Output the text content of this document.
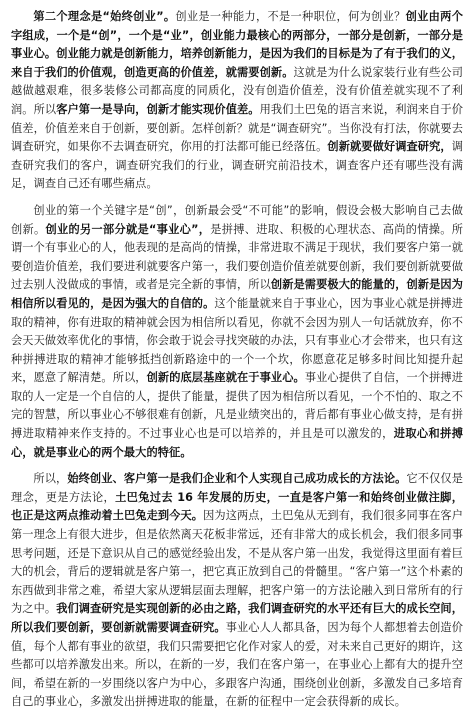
第二个理念是“始终创业”。创业是一种能力，不是一种职位，何为创业？创业由两个字组成，一个是“创”，一个是“业”，创业能力最核心的两部分，一部分是创新，一部分是事业心。创业能力就是创新能力，培养创新能力，是因为我们的目标是为了有于我们的义，来自于我们的价值观，创造更高的价值差，就需要创新。这就是为什么说家装行业有些公司越做越艰难，很多装修公司都高度的同质化，没有创造价值差，没有价值差就实现不了利润。所以客户第一是导向，创新才能实现价值差。用我们土巴兔的语言来说，利润来自于价值差，价值差来自于创新，要创新。怎样创新？就是“调查研究”。当你没有打法，你就要去调查研究，如果你不去调查研究，你用的打法都可能已经落伍。创新就要做好调查研究，调查研究我们的客户，调查研究我们的行业，调查研究前沿技术，调查客户还有哪些没有满足，调查自己还有哪些痛点。

创业的第一个关键字是“创”，创新最会受“不可能”的影响，假设会极大影响自己去做创新。创业的另一部分就是“事业心”，是拼搏、进取、积极的心理状态、高尚的情操。所谓一个有事业心的人，他表现的是高尚的情操，非常进取不满足于现状，我们要客户第一就要创造价值差，我们要进利就要客户第一，我们要创造价值差就要创新，我们要创新就要做过去别人没做成的事情，或者是完全新的事情，所以创新是需要极大的能量的，创新是因为相信所以看见的，是因为强大的自信的。这个能量就来自于事业心，因为事业心就是拼搏进取的精神，你有进取的精神就会因为相信所以看见，你就不会因为别人一句话就放弃，你不会天天做效率优化的事情，你会敢于说会寻找突破的办法，只有事业心才会带来，也只有这种拼搏进取的精神才能够抵挡创新路途中的一个一个坎，你愿意花足够多时间比知提升起来，愿意了解清楚。所以，创新的底层基座就在于事业心。事业心提供了自信，一个拼搏进取的人一定是一个自信的人，提供了能量，提供了因为相信所以看见，一个不怕的、取之不完的智慧，所以事业心不够很难有创新，凡是业绩突出的，背后都有事业心做支持，是有拼搏进取精神来作支持的。不过事业心也是可以培养的，并且是可以激发的，进取心和拼搏心，就是事业心的两个最大的特征。

所以，始终创业、客户第一是我们企业和个人实现自己成功成长的方法论。它不仅仅是理念，更是方法论，土巴兔过去 16 年发展的历史，一直是客户第一和始终创业做注脚，也正是这两点推动着土巴兔走到今天。因为这两点，土巴兔从无到有，我们很多同事在客户第一理念上有很大进步，但是依然离天花板非常远，还有非常大的成长机会，我们很多同事思考问题，还是下意识从自己的感觉经验出发，不是从客户第一出发，我觉得这里面有着巨大的机会，背后的逻辑就是客户第一，把它真正放到自己的骨髓里。“客户第一”这个朴素的东西做到非常之难，希望大家从逻辑层面去理解，把客户第一的方法论融入到日常所有的行为之中。我们调查研究是实现创新的必由之路，我们调查研究的水平还有巨大的成长空间，所以我们要创新，要创新就需要调查研究。事业心人人都具备，因为每个人都想着去创造价值，每个人都有事业的欲望，我们只需要把它化作对家人的爱，对未来自己更好的期许，这些都可以培养激发出来。所以，在新的一岁，我们在客户第一，在事业心上都有大的提升空间，希望在新的一岁围绕以客户为中心，多跟客户沟通，围绕创业创新，多激发自己多培育自己的事业心，多激发出拼搏进取的能量，在新的征程中一定会获得新的成长。
